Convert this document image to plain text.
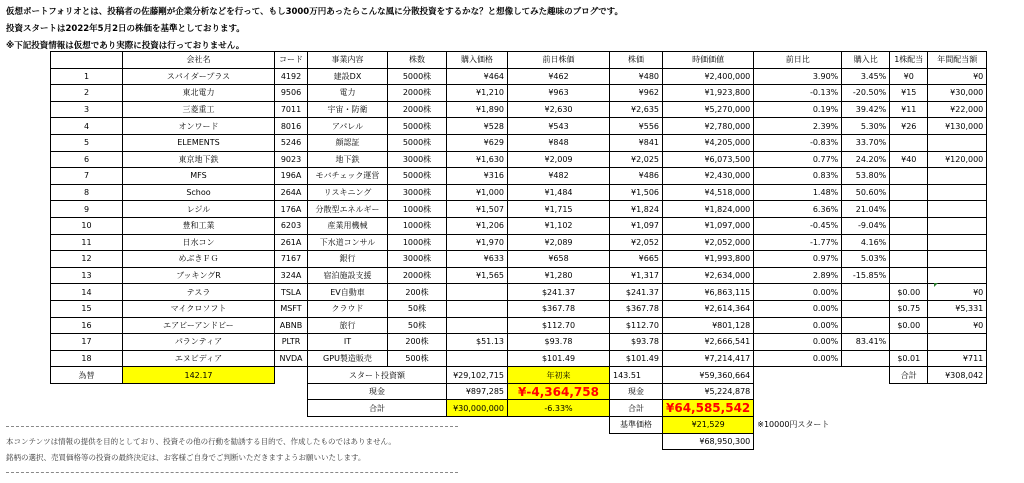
仮想ポートフォリオとは、投稿者の佐藤剛が企業分析などを行って、もし3000万円あったらこんな風に分散投資をするかな？と想像してみた趣味のブログです。
投資スタートは2022年5月2日の株価を基準としております。
※下記投資情報は仮想であり実際に投資は行っておりません。
	会社名	コード	事業内容	株数	購入価格	前日株価	株価	時価価値	前日比	購入比	1株配当	年間配当額
1	スパイダープラス	4192	建設DX	5000株	¥464	¥462	¥480	¥2,400,000	3.90%	3.45%	¥0	¥0
2	東北電力	9506	電力	2000株	¥1,210	¥963	¥962	¥1,923,800	-0.13%	-20.50%	¥15	¥30,000
3	三菱重工	7011	宇宙・防衛	2000株	¥1,890	¥2,630	¥2,635	¥5,270,000	0.19%	39.42%	¥11	¥22,000
4	オンワード	8016	アパレル	5000株	¥528	¥543	¥556	¥2,780,000	2.39%	5.30%	¥26	¥130,000
5	ELEMENTS	5246	顔認証	5000株	¥629	¥848	¥841	¥4,205,000	-0.83%	33.70%		
6	東京地下鉄	9023	地下鉄	3000株	¥1,630	¥2,009	¥2,025	¥6,073,500	0.77%	24.20%	¥40	¥120,000
7	MFS	196A	モバチェック運営	5000株	¥316	¥482	¥486	¥2,430,000	0.83%	53.80%		
8	Schoo	264A	リスキニング	3000株	¥1,000	¥1,484	¥1,506	¥4,518,000	1.48%	50.60%		
9	レジル	176A	分散型エネルギー	1000株	¥1,507	¥1,715	¥1,824	¥1,824,000	6.36%	21.04%		
10	豊和工業	6203	産業用機械	1000株	¥1,206	¥1,102	¥1,097	¥1,097,000	-0.45%	-9.04%		
11	日水コン	261A	下水道コンサル	1000株	¥1,970	¥2,089	¥2,052	¥2,052,000	-1.77%	4.16%		
12	めぶきＦＧ	7167	銀行	3000株	¥633	¥658	¥665	¥1,993,800	0.97%	5.03%		
13	ブッキングR	324A	宿泊施設支援	2000株	¥1,565	¥1,280	¥1,317	¥2,634,000	2.89%	-15.85%		
14	テスラ	TSLA	EV自動車	200株		$241.37	$241.37	¥6,863,115	0.00%		$0.00	¥0
15	マイクロソフト	MSFT	クラウド	50株		$367.78	$367.78	¥2,614,364	0.00%		$0.75	¥5,331
16	エアビーアンドビー	ABNB	旅行	50株		$112.70	$112.70	¥801,128	0.00%		$0.00	¥0
17	パランティア	PLTR	IT	200株	$51.13	$93.78	$93.78	¥2,666,541	0.00%	83.41%		
18	エヌビディア	NVDA	GPU製造販売	500株		$101.49	$101.49	¥7,214,417	0.00%		$0.01	¥711
為替	142.17		スタート投資額		¥29,102,715	年初来	143.51	¥59,360,664			合計	¥308,042
			現金		¥897,285	¥-4,364,758	現金	¥5,224,878				
			合計		¥30,000,000	-6.33%	合計	¥64,585,542				
							基準価格	¥21,529	※10000円スタート			
								¥68,950,300				
本コンテンツは情報の提供を目的としており、投資その他の行動を勧誘する目的で、作成したものではありません。
銘柄の選択、売買価格等の投資の最終決定は、お客様ご自身でご判断いただきますようお願いいたします。
